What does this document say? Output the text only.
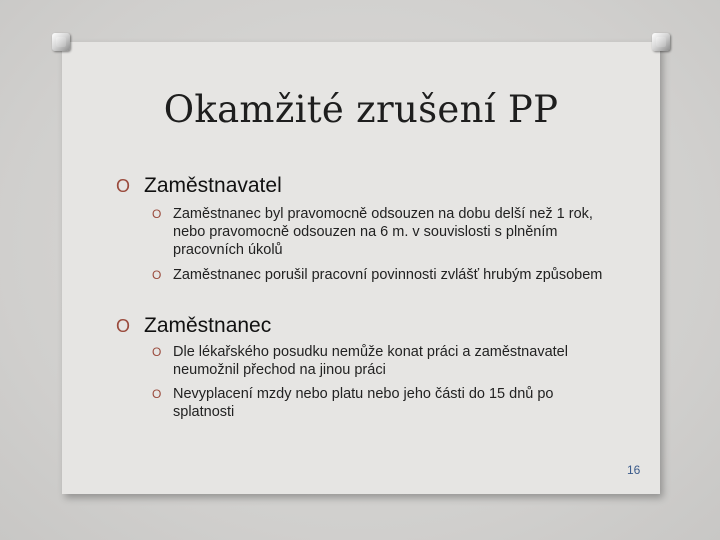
Okamžité zrušení PP
O Zaměstnavatel
O Zaměstnanec byl pravomocně odsouzen na dobu delší než 1 rok, nebo pravomocně odsouzen na 6 m. v souvislosti s plněním pracovních úkolů
O Zaměstnanec porušil pracovní povinnosti zvlášť hrubým způsobem
O Zaměstnanec
O Dle lékařského posudku nemůže konat práci a zaměstnavatel neumožnil přechod na jinou práci
O Nevyplacení mzdy nebo platu nebo jeho části do 15 dnů po splatnosti
16
